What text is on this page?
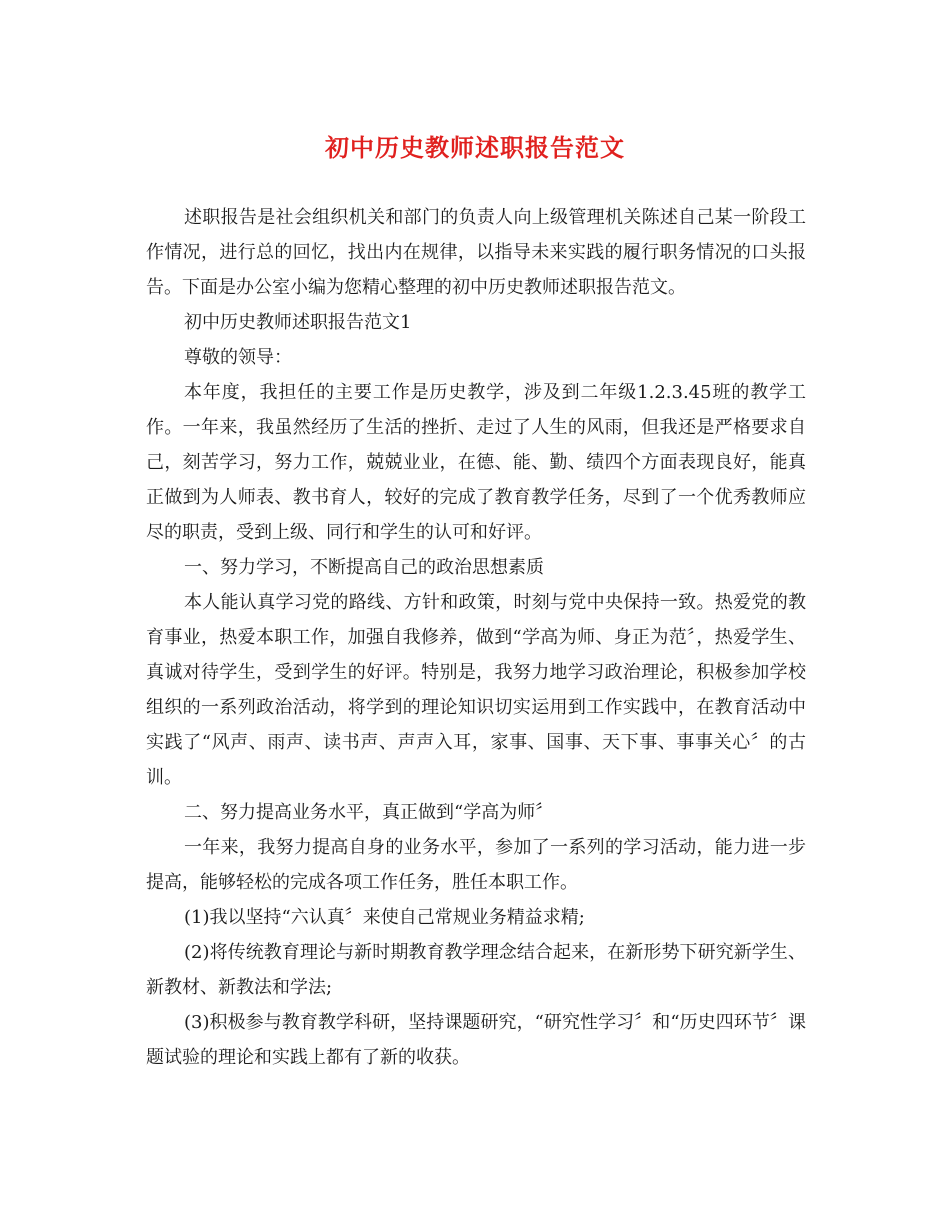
初中历史教师述职报告范文

述职报告是社会组织机关和部门的负责人向上级管理机关陈述自己某一阶段工作情况，进行总的回忆，找出内在规律，以指导未来实践的履行职务情况的口头报告。下面是办公室小编为您精心整理的初中历史教师述职报告范文。

初中历史教师述职报告范文1

尊敬的领导：

本年度，我担任的主要工作是历史教学，涉及到二年级1.2.3.45班的教学工作。一年来，我虽然经历了生活的挫折、走过了人生的风雨，但我还是严格要求自己，刻苦学习，努力工作，兢兢业业，在德、能、勤、绩四个方面表现良好，能真正做到为人师表、教书育人，较好的完成了教育教学任务，尽到了一个优秀教师应尽的职责，受到上级、同行和学生的认可和好评。

一、努力学习，不断提高自己的政治思想素质

本人能认真学习党的路线、方针和政策，时刻与党中央保持一致。热爱党的教育事业，热爱本职工作，加强自我修养，做到“学高为师、身正为范〞，热爱学生、真诚对待学生，受到学生的好评。特别是，我努力地学习政治理论，积极参加学校组织的一系列政治活动，将学到的理论知识切实运用到工作实践中，在教育活动中实践了“风声、雨声、读书声、声声入耳，家事、国事、天下事、事事关心〞的古训。

二、努力提高业务水平，真正做到“学高为师〞

一年来，我努力提高自身的业务水平，参加了一系列的学习活动，能力进一步提高，能够轻松的完成各项工作任务，胜任本职工作。

(1)我以坚持“六认真〞来使自己常规业务精益求精;

(2)将传统教育理论与新时期教育教学理念结合起来，在新形势下研究新学生、新教材、新教法和学法;

(3)积极参与教育教学科研，坚持课题研究，“研究性学习〞和“历史四环节〞课题试验的理论和实践上都有了新的收获。
